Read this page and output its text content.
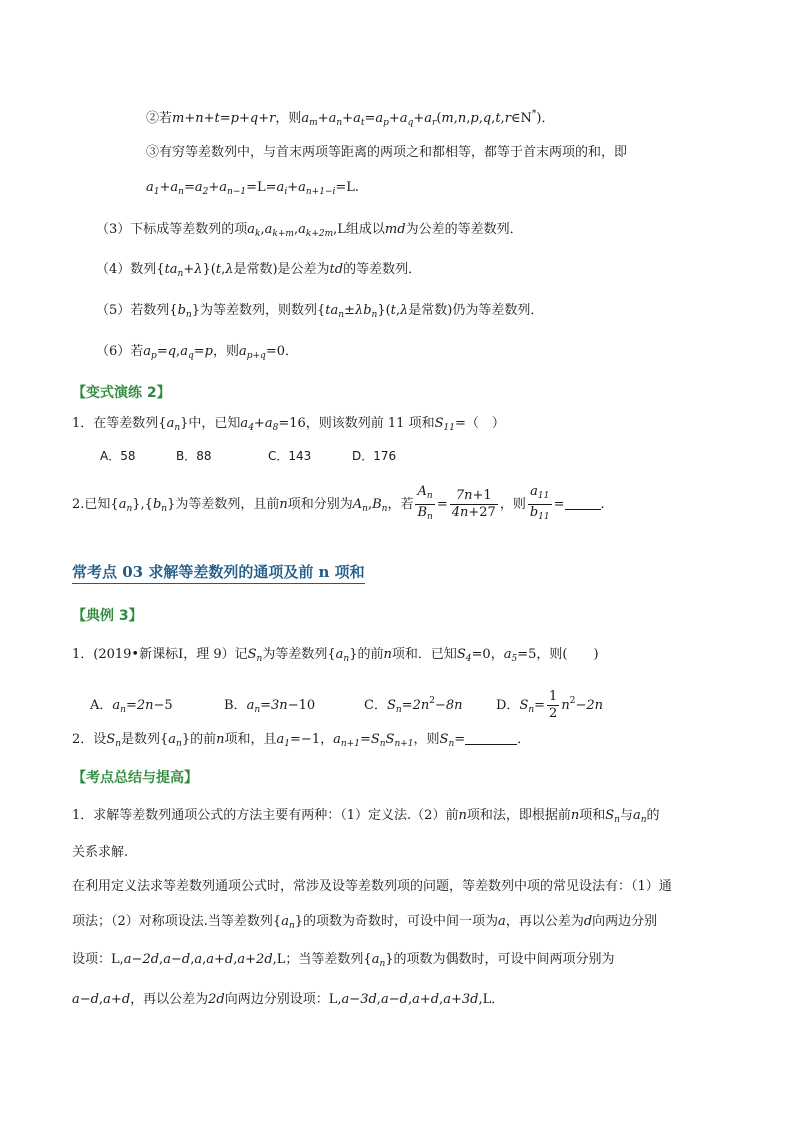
②若m+n+t=p+q+r，则$a_m+a_n+a_t=a_p+a_q+a_r(m,n,p,q,t,r\in N^*)$．
③有穷等差数列中，与首末两项等距离的两项之和都相等，都等于首末两项的和，即
$a_1+a_n=a_2+a_{n-1}=L=a_i+a_{n+1-i}=L$.
（3）下标成等差数列的项$a_k,a_{k+m},a_{k+2m},L$组成以md为公差的等差数列．
（4）数列$\{ta_n+\lambda\}(t,\lambda$是常数)是公差为td的等差数列．
（5）若数列$\{b_n\}$为等差数列，则数列$\{ta_n\pm\lambda b_n\}(t,\lambda$是常数)仍为等差数列．
（6）若$a_p=q,a_q=p$，则$a_{p+q}=0$．
【变式演练 2】
1．在等差数列$\{a_n\}$中，已知$a_4+a_8=16$，则该数列前 11 项和$S_{11}=$（　）
A．58	B．88	C．143	D．176
2.已知$\{a_n\},\{b_n\}$为等差数列，且前n项和分别为$A_n,B_n$，若 $\frac{A_n}{B_n} = \frac{7n+1}{4n+27}$ ，则 $\frac{a_{11}}{b_{11}}$ =	.
常考点 03 求解等差数列的通项及前 n 项和
【典例 3】
1．(2019•新课标Ⅰ，理 9）记$S_n$为等差数列$\{a_n\}$的前n项和．已知$S_4=0$，$a_5=5$，则(　　)
A．$a_n=2n-5$	B．$a_n=3n-10$	C．$S_n=2n^2-8n$	D．$S_n= \frac{1}{2} n^2-2n$
2．设$S_n$是数列$\{a_n\}$的前n项和，且$a_1=-1$，$a_{n+1}=S_nS_{n+1}$，则$S_n=$	．
【考点总结与提高】
1．求解等差数列通项公式的方法主要有两种：（1）定义法.（2）前n项和法，即根据前n项和$S_n$与$a_n$的
关系求解.
在利用定义法求等差数列通项公式时，常涉及设等差数列项的问题，等差数列中项的常见设法有：（1）通
项法；（2）对称项设法.当等差数列$\{a_n\}$的项数为奇数时，可设中间一项为a，再以公差为d向两边分别
设项：L,a−2d,a−d,a,a+d,a+2d,L；当等差数列$\{a_n\}$的项数为偶数时，可设中间两项分别为
a−d,a+d，再以公差为2d向两边分别设项：L,a−3d,a−d,a+d,a+3d,L．
